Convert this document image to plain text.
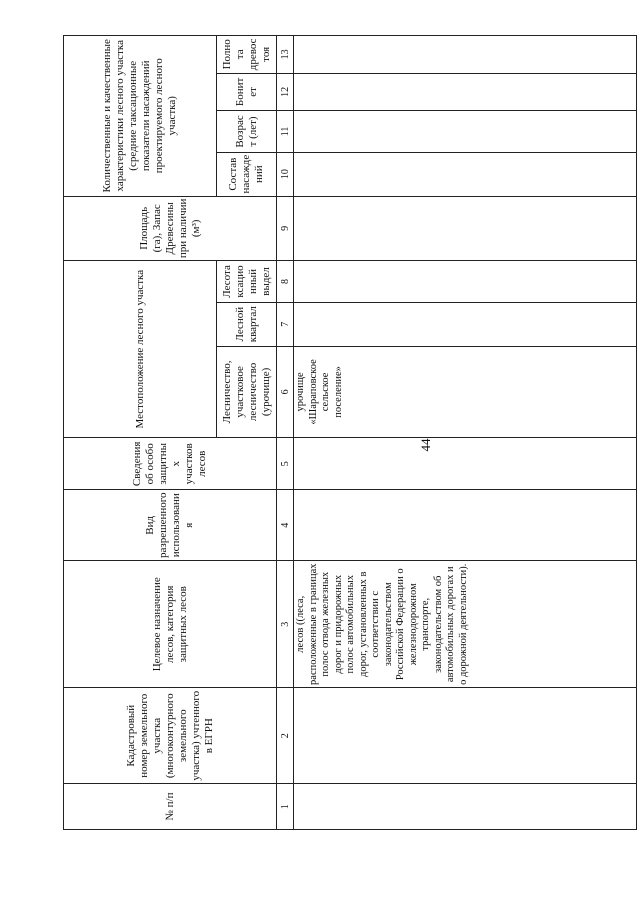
44
№ п/п	Кадастровый номер земельного участка (многоконтурного земельного участка) учтенного в ЕГРН	Целевое назначение лесов, категория защитных лесов	Вид разрешенного использования	Сведения об особо защитных участков лесов	Местоположение лесного участка			Площадь (га), Запас Древесины при наличии (м³)	Количественные и качественные характеристики лесного участка (средние таксационные показатели насаждений проектируемого лесного участка)			
					Лесничество, участковое лесничество (урочище)	Лесной квартал	Лесотаксационный выдел		Состав насаждений	Возраст (лет)	Бонитет	Полнота древостоя
1	2	3	4	5	6	7	8	9	10	11	12	13
		лесов ((леса, расположенные в границах полос отвода железных дорог и придорожных полос автомобильных дорог, установленных в соответствии с законодательством Российской Федерации о железнодорожном транспорте, законодательством об автомобильных дорогах и о дорожной деятельности).			урочище «Шараповское сельское поселение»							
